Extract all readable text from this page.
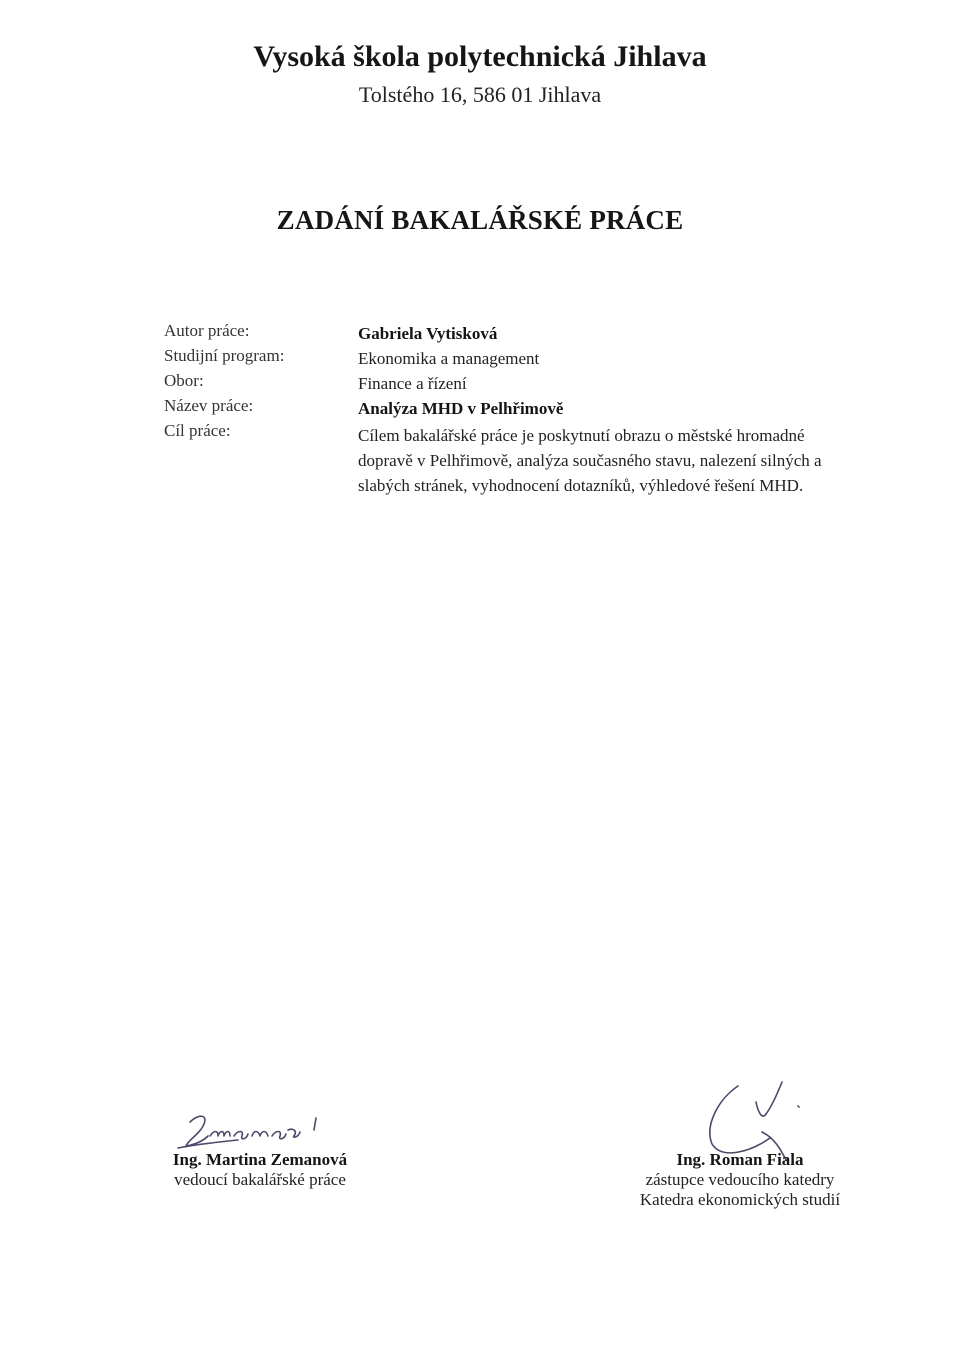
Vysoká škola polytechnická Jihlava
Tolstého 16, 586 01 Jihlava
ZADÁNÍ BAKALÁŘSKÉ PRÁCE
Autor práce:
Studijní program:
Obor:
Název práce:
Cíl práce:
Gabriela Vytisková
Ekonomika a management
Finance a řízení
Analýza MHD v Pelhřimově
Cílem bakalářské práce je poskytnutí obrazu o městské hromadné
dopravě v Pelhřimově, analýza současného stavu, nalezení silných a
slabých stránek, vyhodnocení dotazníků, výhledové řešení MHD.
Ing. Martina Zemanová
vedoucí bakalářské práce
Ing. Roman Fiala
zástupce vedoucího katedry
Katedra ekonomických studií
